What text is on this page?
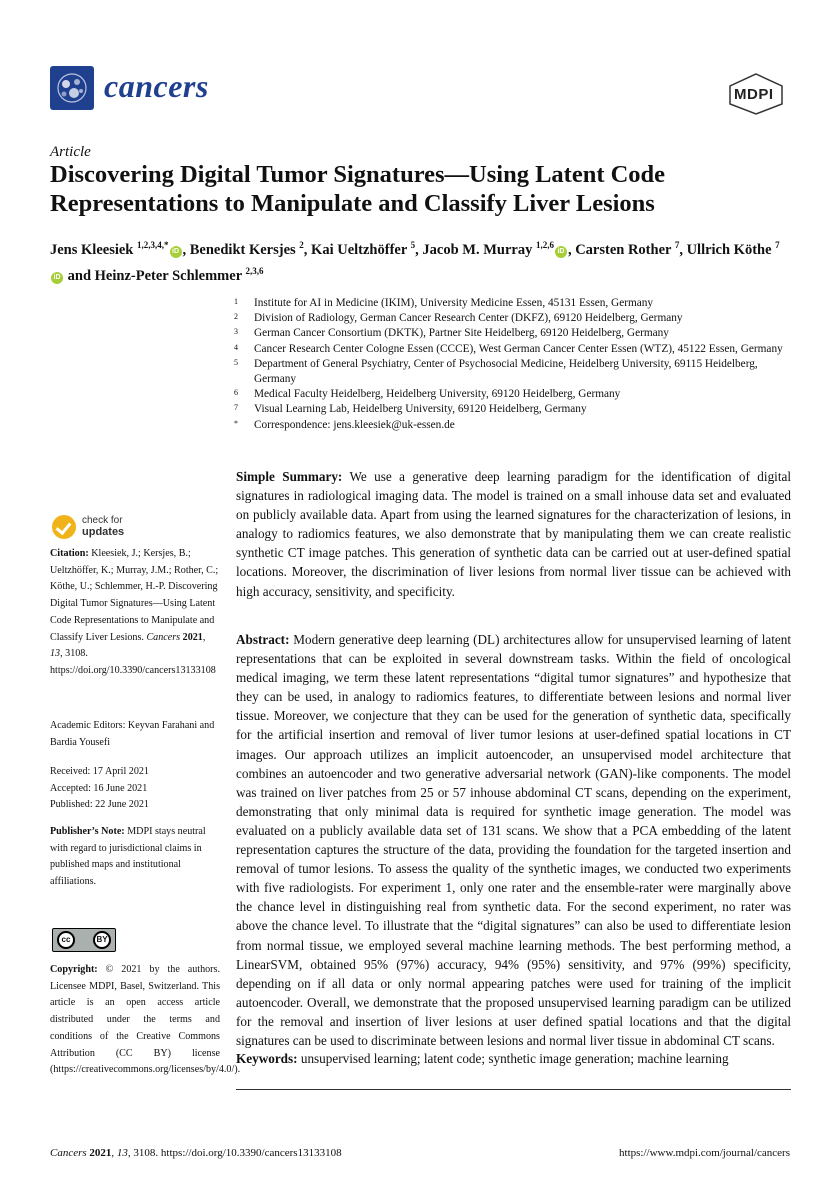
cancers	MDPI
Article
Discovering Digital Tumor Signatures—Using Latent Code Representations to Manipulate and Classify Liver Lesions
Jens Kleesiek $^{1,2,3,4,*}$iD , Benedikt Kersjes $^2$, Kai Ueltzhöffer $^5$, Jacob M. Murray $^{1,2,6}$iD , Carsten Rother $^7$, Ullrich Köthe $^7$iD and Heinz-Peter Schlemmer $^{2,3,6}$
1	Institute for AI in Medicine (IKIM), University Medicine Essen, 45131 Essen, Germany
2	Division of Radiology, German Cancer Research Center (DKFZ), 69120 Heidelberg, Germany
3	German Cancer Consortium (DKTK), Partner Site Heidelberg, 69120 Heidelberg, Germany
4	Cancer Research Center Cologne Essen (CCCE), West German Cancer Center Essen (WTZ), 45122 Essen, Germany
5	Department of General Psychiatry, Center of Psychosocial Medicine, Heidelberg University, 69115 Heidelberg, Germany
6	Medical Faculty Heidelberg, Heidelberg University, 69120 Heidelberg, Germany
7	Visual Learning Lab, Heidelberg University, 69120 Heidelberg, Germany
*	Correspondence: jens.kleesiek@uk-essen.de
check for
updates
Citation: Kleesiek, J.; Kersjes, B.; Ueltzhöffer, K.; Murray, J.M.; Rother, C.; Köthe, U.; Schlemmer, H.-P. Discovering Digital Tumor Signatures—Using Latent Code Representations to Manipulate and Classify Liver Lesions. Cancers 2021, 13, 3108. https://doi.org/10.3390/cancers13133108
Academic Editors: Keyvan Farahani and Bardia Yousefi
Received: 17 April 2021
Accepted: 16 June 2021
Published: 22 June 2021
Publisher’s Note: MDPI stays neutral with regard to jurisdictional claims in published maps and institutional affiliations.
cc	BY
Copyright: © 2021 by the authors. Licensee MDPI, Basel, Switzerland. This article is an open access article distributed under the terms and conditions of the Creative Commons Attribution (CC BY) license (https://creativecommons.org/licenses/by/4.0/).
Simple Summary: We use a generative deep learning paradigm for the identification of digital signatures in radiological imaging data. The model is trained on a small inhouse data set and evaluated on publicly available data. Apart from using the learned signatures for the characterization of lesions, in analogy to radiomics features, we also demonstrate that by manipulating them we can create realistic synthetic CT image patches. This generation of synthetic data can be carried out at user-defined spatial locations. Moreover, the discrimination of liver lesions from normal liver tissue can be achieved with high accuracy, sensitivity, and specificity.
Abstract: Modern generative deep learning (DL) architectures allow for unsupervised learning of latent representations that can be exploited in several downstream tasks. Within the field of oncological medical imaging, we term these latent representations “digital tumor signatures” and hypothesize that they can be used, in analogy to radiomics features, to differentiate between lesions and normal liver tissue. Moreover, we conjecture that they can be used for the generation of synthetic data, specifically for the artificial insertion and removal of liver tumor lesions at user-defined spatial locations in CT images. Our approach utilizes an implicit autoencoder, an unsupervised model architecture that combines an autoencoder and two generative adversarial network (GAN)-like components. The model was trained on liver patches from 25 or 57 inhouse abdominal CT scans, depending on the experiment, demonstrating that only minimal data is required for synthetic image generation. The model was evaluated on a publicly available data set of 131 scans. We show that a PCA embedding of the latent representation captures the structure of the data, providing the foundation for the targeted insertion and removal of tumor lesions. To assess the quality of the synthetic images, we conducted two experiments with five radiologists. For experiment 1, only one rater and the ensemble-rater were marginally above the chance level in distinguishing real from synthetic data. For the second experiment, no rater was above the chance level. To illustrate that the “digital signatures” can also be used to differentiate lesion from normal tissue, we employed several machine learning methods. The best performing method, a LinearSVM, obtained 95% (97%) accuracy, 94% (95%) sensitivity, and 97% (99%) specificity, depending on if all data or only normal appearing patches were used for training of the implicit autoencoder. Overall, we demonstrate that the proposed unsupervised learning paradigm can be utilized for the removal and insertion of liver lesions at user defined spatial locations and that the digital signatures can be used to discriminate between lesions and normal liver tissue in abdominal CT scans.
Keywords: unsupervised learning; latent code; synthetic image generation; machine learning
Cancers 2021, 13, 3108. https://doi.org/10.3390/cancers13133108	https://www.mdpi.com/journal/cancers
